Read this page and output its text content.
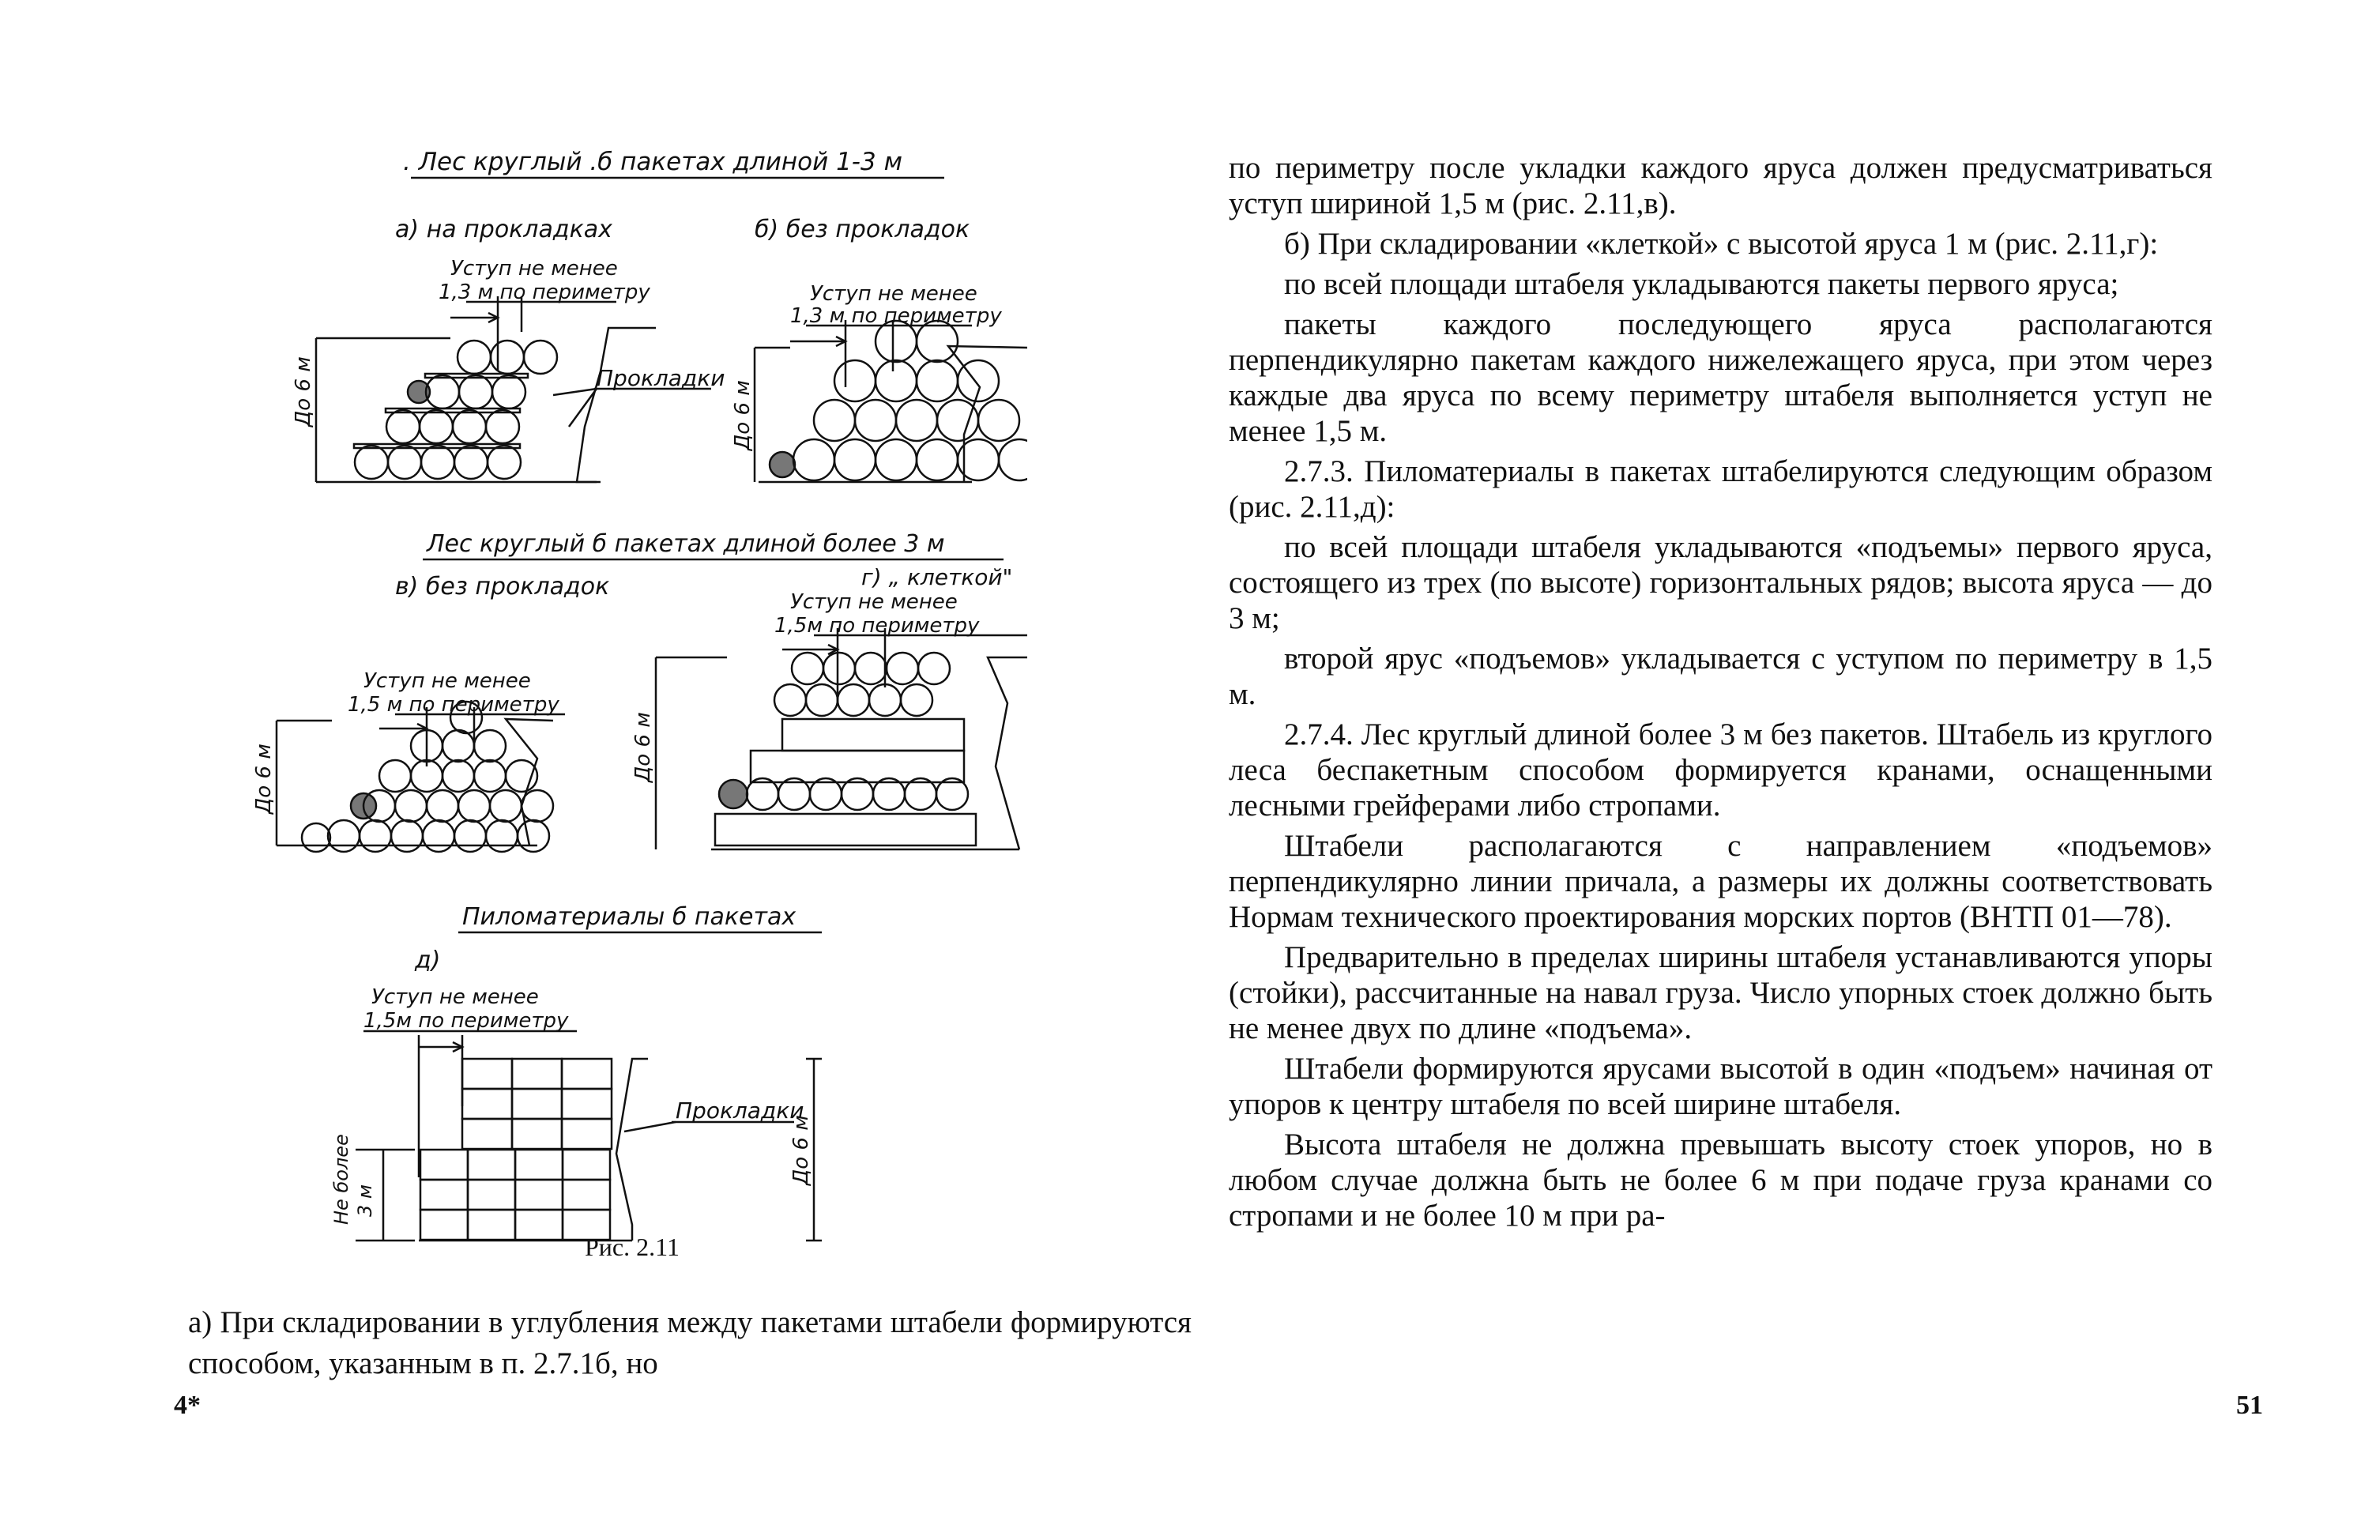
. Лес круглый .б пакетах длиной 1-3 м
а) на прокладках	б) без прокладок
Уступ не менее
1,3 м по периметру
До 6 м	Прокладки
Уступ не менее
1,3 м по периметру
До 6 м
Лес круглый б пакетах длиной более 3 м
в) без прокладок	г) „ клеткой"
Уступ не менее
1,5 м по периметру
До 6 м
Уступ не менее
1,5м по периметру
До 6 м
Пиломатериалы б пакетах
д)
Уступ не менее
1,5м по периметру
Прокладки
До 6 м
Не более 3 м
Рис. 2.11
а) При складировании в углубления между пакетами штабели формируются способом, указанным в п. 2.7.1б, но
4*

по периметру после укладки каждого яруса должен предусматриваться уступ шириной 1,5 м (рис. 2.11,в).

б) При складировании «клеткой» с высотой яруса 1 м (рис. 2.11,г):

по всей площади штабеля укладываются пакеты первого яруса;

пакеты каждого последующего яруса располагаются перпендикулярно пакетам каждого нижележащего яруса, при этом через каждые два яруса по всему периметру штабеля выполняется уступ не менее 1,5 м.

2.7.3. Пиломатериалы в пакетах штабелируются следующим образом (рис. 2.11,д):

по всей площади штабеля укладываются «подъемы» первого яруса, состоящего из трех (по высоте) горизонтальных рядов; высота яруса — до 3 м;

второй ярус «подъемов» укладывается с уступом по периметру в 1,5 м.

2.7.4. Лес круглый длиной более 3 м без пакетов. Штабель из круглого леса беспакетным способом формируется кранами, оснащенными лесными грейферами либо стропами.

Штабели располагаются с направлением «подъемов» перпендикулярно линии причала, а размеры их должны соответствовать Нормам технического проектирования морских портов (ВНТП 01—78).

Предварительно в пределах ширины штабеля устанавливаются упоры (стойки), рассчитанные на навал груза. Число упорных стоек должно быть не менее двух по длине «подъема».

Штабели формируются ярусами высотой в один «подъем» начиная от упоров к центру штабеля по всей ширине штабеля.

Высота штабеля не должна превышать высоту стоек упоров, но в любом случае должна быть не более 6 м при подаче груза кранами со стропами и не более 10 м при ра-

51
